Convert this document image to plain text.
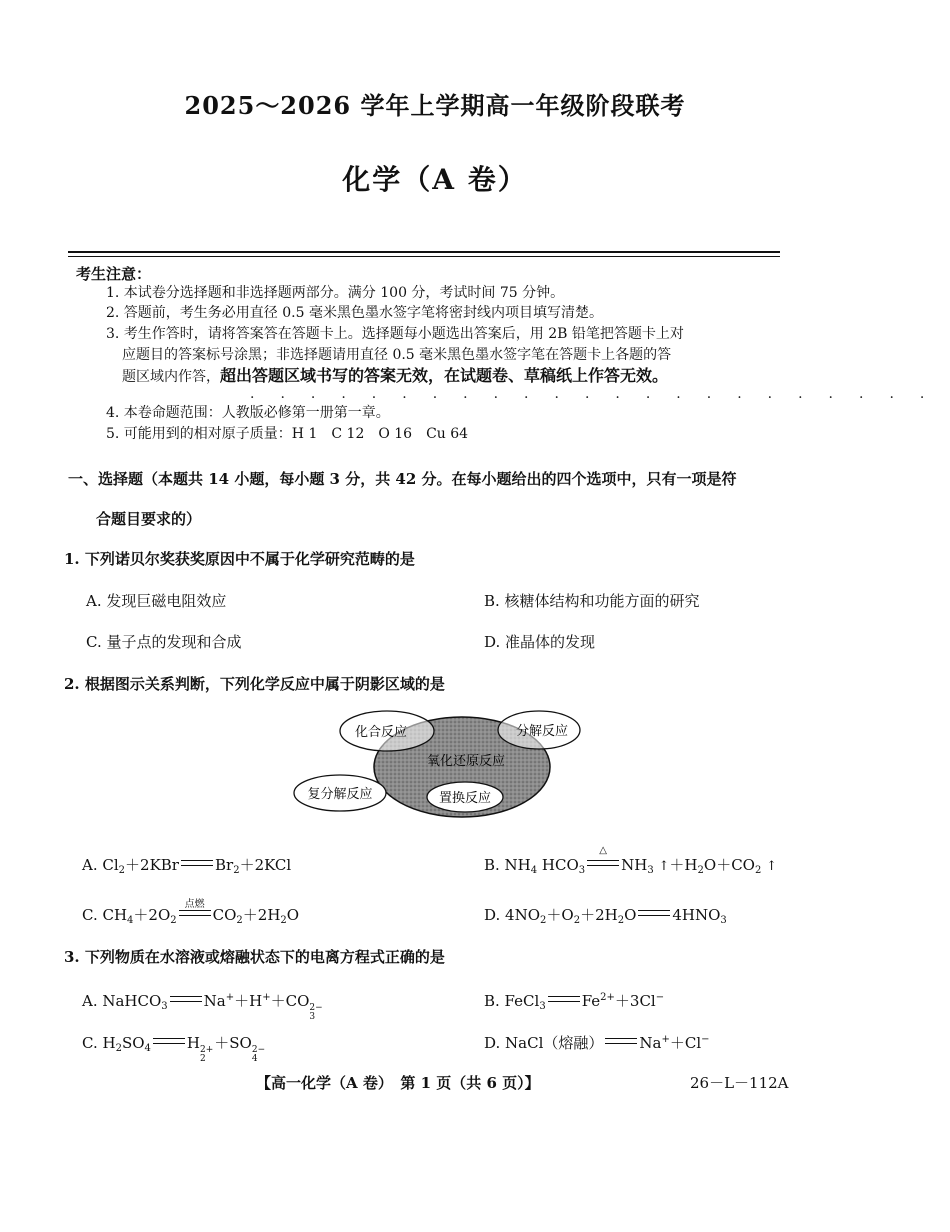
2025～2026 学年上学期高一年级阶段联考
化学（A 卷）
考生注意：
1. 本试卷分选择题和非选择题两部分。满分 100 分，考试时间 75 分钟。
2. 答题前，考生务必用直径 0.5 毫米黑色墨水签字笔将密封线内项目填写清楚。
3. 考生作答时，请将答案答在答题卡上。选择题每小题选出答案后，用 2B 铅笔把答题卡上对
应题目的答案标号涂黑；非选择题请用直径 0.5 毫米黑色墨水签字笔在答题卡上各题的答
题区域内作答，超出答题区域书写的答案无效，在试题卷、草稿纸上作答无效。
·······················
4. 本卷命题范围：人教版必修第一册第一章。
5. 可能用到的相对原子质量：H 1　C 12　O 16　Cu 64
一、选择题（本题共 14 小题，每小题 3 分，共 42 分。在每小题给出的四个选项中，只有一项是符
合题目要求的）
1. 下列诺贝尔奖获奖原因中不属于化学研究范畴的是
A. 发现巨磁电阻效应	B. 核糖体结构和功能方面的研究
C. 量子点的发现和合成	D. 准晶体的发现
2. 根据图示关系判断，下列化学反应中属于阴影区域的是
化合反应	分解反应
氧化还原反应
复分解反应	置换反应
A. $Cl_2+2KBr$ $Br_2+2KCl$	B. $NH_4$ $HCO_3$
△
$NH_3$ $↑+H_2O+CO_2$ ↑
C. $CH_4+2O_2$
点燃
$CO_2+2H_2O$	D. $4NO_2+O_2+2H_2O$ $4HNO_3$
3. 下列物质在水溶液或熔融状态下的电离方程式正确的是
A. NaHCO$_3$ Na+＋H+＋CO 2−
3
B. FeCl$_3$ $Fe^{2+}+3Cl^-$
C. $H_2SO_4$ H 2+
2
＋SO 2−
4
D. NaCl（熔融） Na+＋Cl−
【高一化学（A 卷）　第 1 页（共 6 页）】	26－L－112A
